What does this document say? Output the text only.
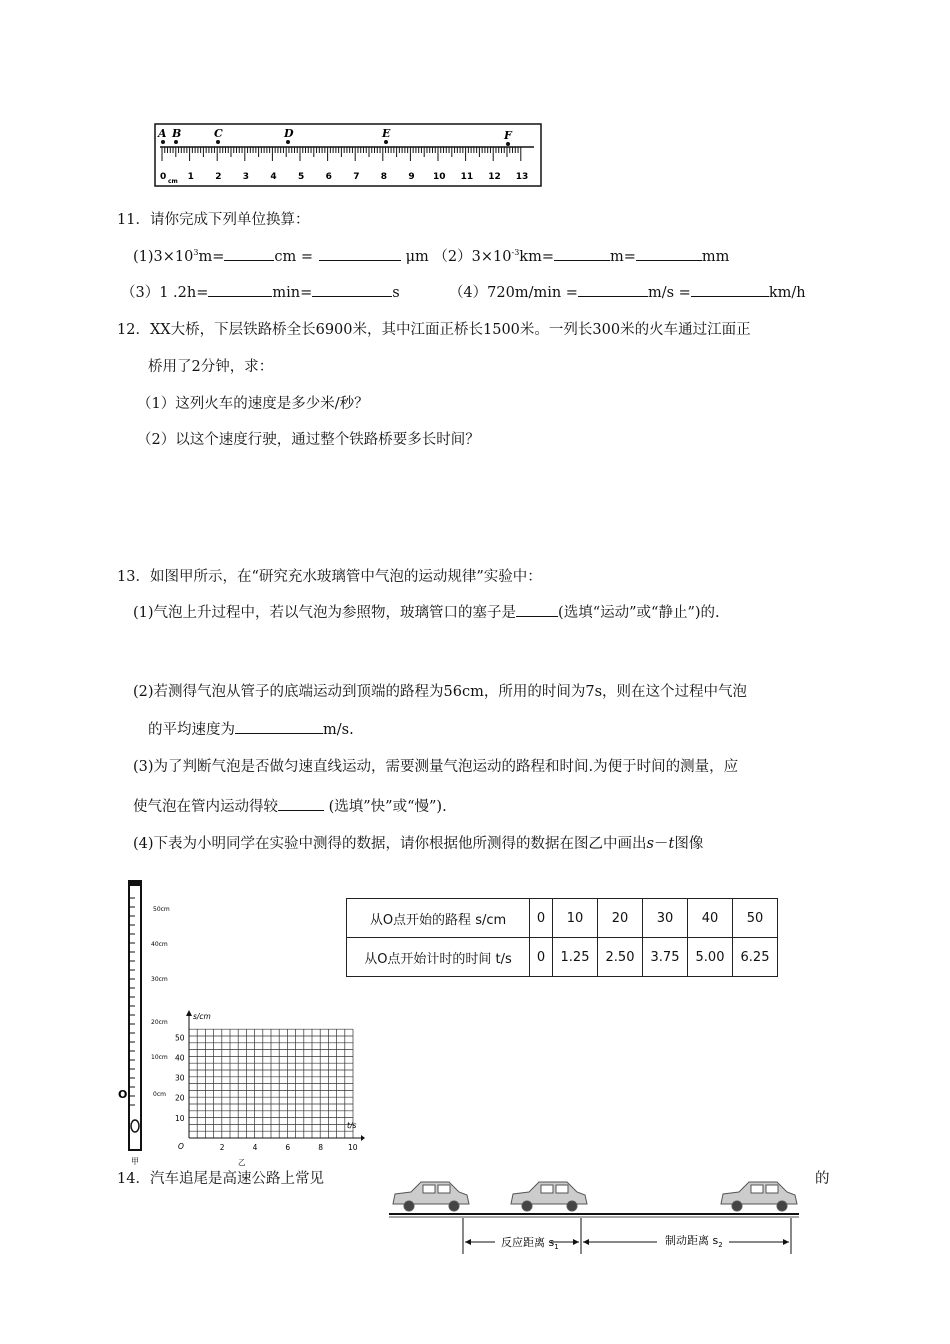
A B	C	D	E	F
0 1 2 3 4 5 6 7 8 9 10 11 12 13
cm
11．请你完成下列单位换算：
$(1)3\times 10^3m=$	cm =	μm $(2)3\times 10^{-3}km=$	m=	mm
（3）1 .2h=	min=	s	（4）720m/min =	m/s =	km/h
12．XX大桥，下层铁路桥全长6900米，其中江面正桥长1500米。一列长300米的火车通过江面正
桥用了2分钟，求：
（1）这列火车的速度是多少米/秒？
（2）以这个速度行驶，通过整个铁路桥要多长时间？
13．如图甲所示，在“研究充水玻璃管中气泡的运动规律”实验中：
(1)气泡上升过程中，若以气泡为参照物，玻璃管口的塞子是	(选填“运动”或“静止”)的.
(2)若测得气泡从管子的底端运动到顶端的路程为56cm，所用的时间为7s，则在这个过程中气泡
的平均速度为	m/s.
(3)为了判断气泡是否做匀速直线运动，需要测量气泡运动的路程和时间.为便于时间的测量，应
使气泡在管内运动得较	(选填”快”或“慢”).
(4)下表为小明同学在实验中测得的数据，请你根据他所测得的数据在图乙中画出s－t图像
50cm
40cm
30cm
20cm
10cm
0cm
O
甲
s/cm
t/s
O
乙
50
40
30
20
10
2	4	6	8	10
从O点开始的路程 s/cm	0	10	20	30	40	50
从O点开始计时的时间 t/s	0	1.25	2.50	3.75	5.00	6.25
14．汽车追尾是高速公路上常见	的
反应距离 $s_1$	制动距离 $s_2$
